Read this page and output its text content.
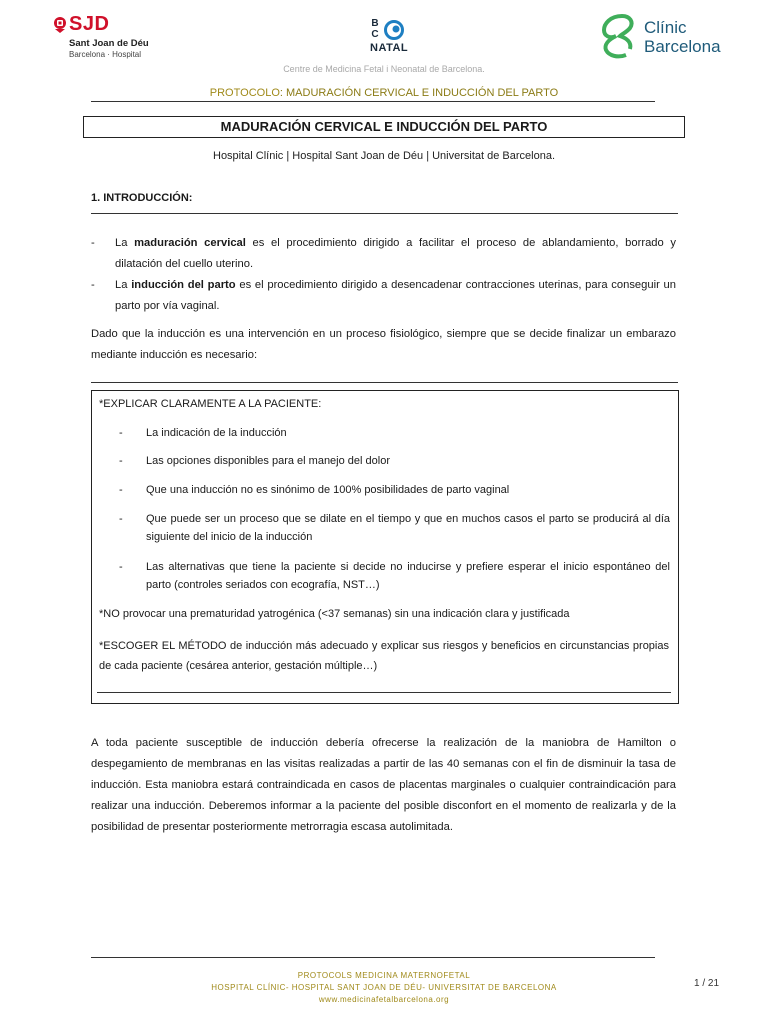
SJD
Sant Joan de Déu
Barcelona · Hospital
B
C
NATAL
Clínic
Barcelona
Centre de Medicina Fetal i Neonatal de Barcelona.
PROTOCOLO: MADURACIÓN CERVICAL E INDUCCIÓN DEL PARTO
MADURACIÓN CERVICAL E INDUCCIÓN DEL PARTO
Hospital Clínic | Hospital Sant Joan de Déu | Universitat de Barcelona.
1. INTRODUCCIÓN:
- La maduración cervical es el procedimiento dirigido a facilitar el proceso de ablandamiento, borrado y dilatación del cuello uterino.
- La inducción del parto es el procedimiento dirigido a desencadenar contracciones uterinas, para conseguir un parto por vía vaginal.
Dado que la inducción es una intervención en un proceso fisiológico, siempre que se decide finalizar un embarazo mediante inducción es necesario:
*EXPLICAR CLARAMENTE A LA PACIENTE:
- La indicación de la inducción
- Las opciones disponibles para el manejo del dolor
- Que una inducción no es sinónimo de 100% posibilidades de parto vaginal
- Que puede ser un proceso que se dilate en el tiempo y que en muchos casos el parto se producirá al día siguiente del inicio de la inducción
- Las alternativas que tiene la paciente si decide no inducirse y prefiere esperar el inicio espontáneo del parto (controles seriados con ecografía, NST…)
*NO provocar una prematuridad yatrogénica (<37 semanas) sin una indicación clara y justificada
*ESCOGER EL MÉTODO de inducción más adecuado y explicar sus riesgos y beneficios en circunstancias propias de cada paciente (cesárea anterior, gestación múltiple…)
A toda paciente susceptible de inducción debería ofrecerse la realización de la maniobra de Hamilton o despegamiento de membranas en las visitas realizadas a partir de las 40 semanas con el fin de disminuir la tasa de inducción. Esta maniobra estará contraindicada en casos de placentas marginales o cualquier contraindicación para realizar una inducción. Deberemos informar a la paciente del posible disconfort en el momento de realizarla y de la posibilidad de presentar posteriormente metrorragia escasa autolimitada.
PROTOCOLS MEDICINA MATERNOFETAL
HOSPITAL CLÍNIC- HOSPITAL SANT JOAN DE DÉU- UNIVERSITAT DE BARCELONA
www.medicinafetalbarcelona.org
1 / 21
